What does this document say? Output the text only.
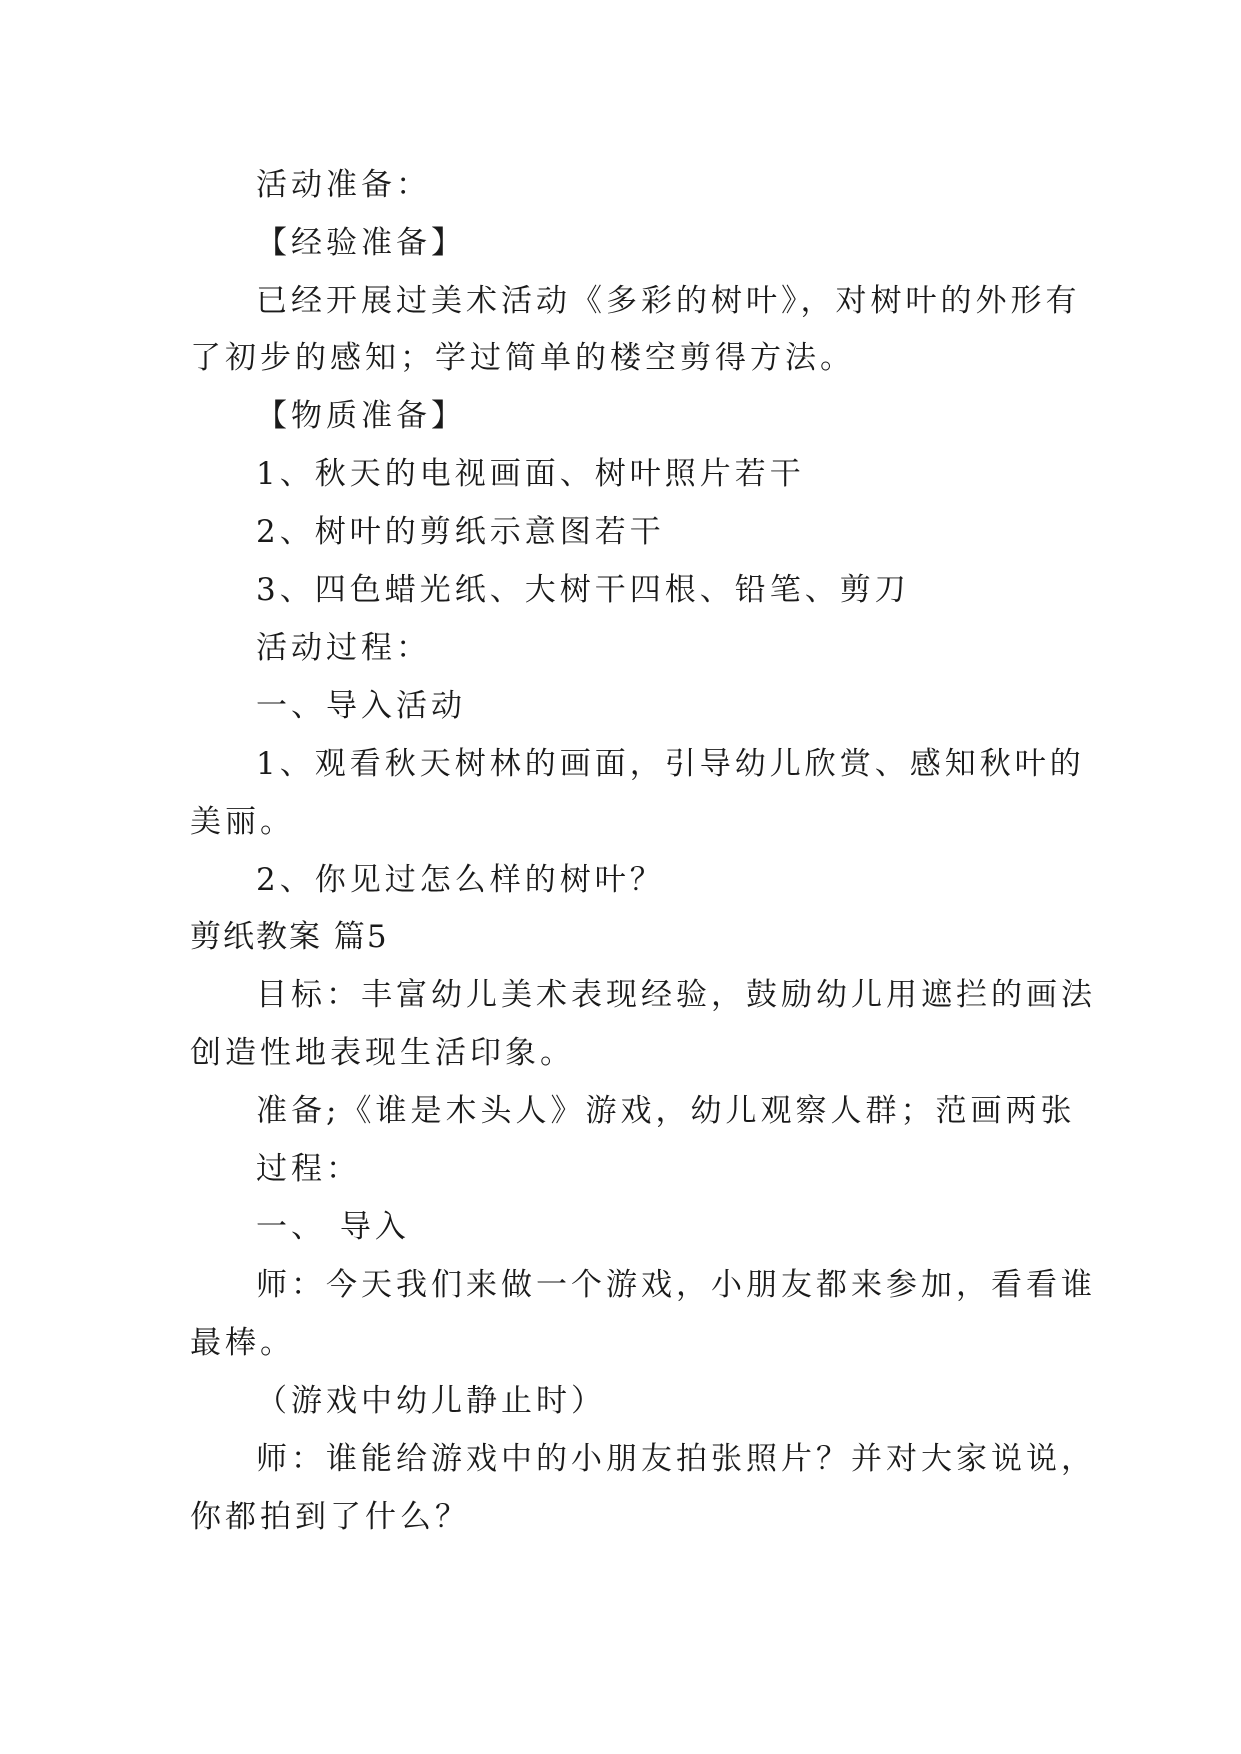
活动准备：
【经验准备】
已经开展过美术活动《多彩的树叶》，对树叶的外形有
了初步的感知；学过简单的楼空剪得方法。
【物质准备】
1、秋天的电视画面、树叶照片若干
2、树叶的剪纸示意图若干
3、四色蜡光纸、大树干四根、铅笔、剪刀
活动过程：
一、导入活动
1、观看秋天树林的画面，引导幼儿欣赏、感知秋叶的
美丽。
2、你见过怎么样的树叶？
剪纸教案 篇5
目标：丰富幼儿美术表现经验，鼓励幼儿用遮拦的画法
创造性地表现生活印象。
准备;《谁是木头人》游戏，幼儿观察人群；范画两张
过程：
一、 导入
师：今天我们来做一个游戏，小朋友都来参加，看看谁
最棒。
（游戏中幼儿静止时）
师：谁能给游戏中的小朋友拍张照片？并对大家说说，
你都拍到了什么？
